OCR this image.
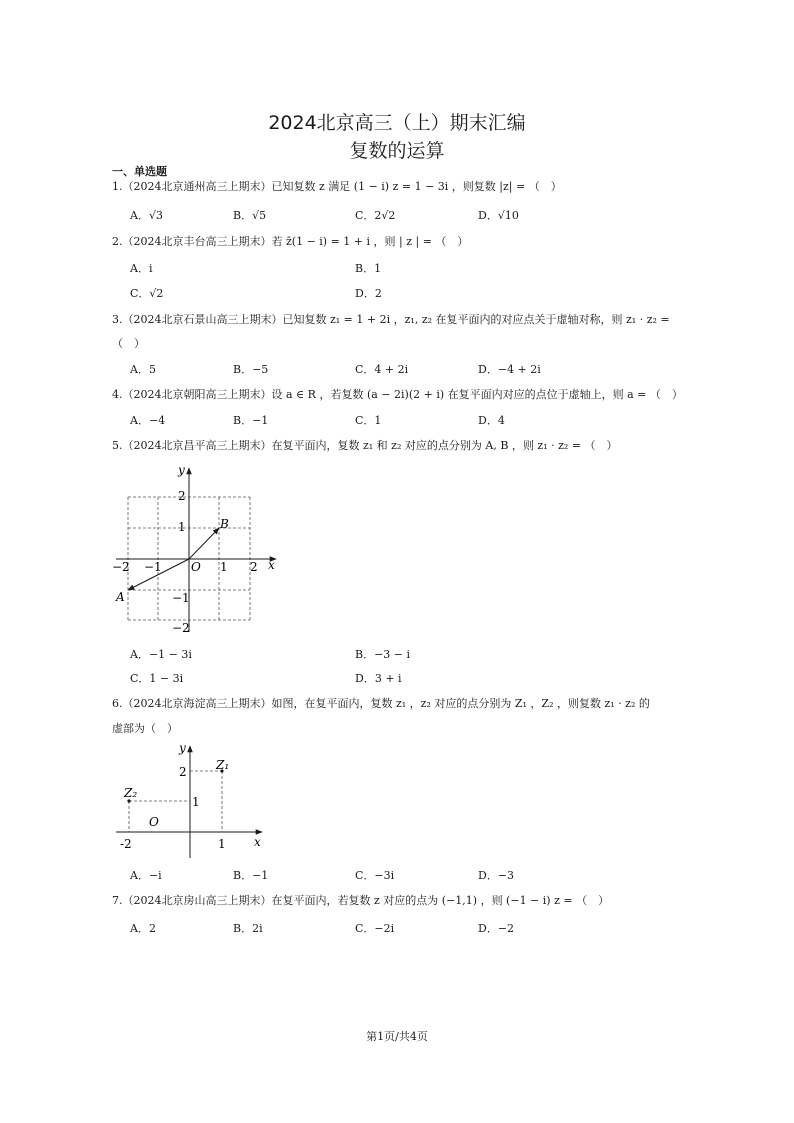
2024北京高三（上）期末汇编
复数的运算
一、单选题
1.（2024北京通州高三上期末）已知复数 z 满足 (1 − i) z = 1 − 3i ，则复数 |z| = （　）
A．√3	B．√5	C．2√2	D．√10
2.（2024北京丰台高三上期末）若 z̄(1 − i) = 1 + i ，则 | z | = （　）
A．i	B．1
C．√2	D．2
3.（2024北京石景山高三上期末）已知复数 z₁ = 1 + 2i ，z₁, z₂ 在复平面内的对应点关于虚轴对称，则 z₁ · z₂ =
（　）
A．5	B．−5	C．4 + 2i	D．−4 + 2i
4.（2024北京朝阳高三上期末）设 a ∈ R ，若复数 (a − 2i)(2 + i) 在复平面内对应的点位于虚轴上，则 a = （　）
A．−4	B．−1	C．1	D．4
5.（2024北京昌平高三上期末）在复平面内，复数 z₁ 和 z₂ 对应的点分别为 A, B ，则 z₁ · z₂ = （　）
y
x
O
2
1
−1
−2
−2 −1	1 2
B
A
A．−1 − 3i	B．−3 − i
C．1 − 3i	D．3 + i
6.（2024北京海淀高三上期末）如图，在复平面内，复数 z₁ ，z₂ 对应的点分别为 Z₁ ，Z₂ ，则复数 z₁ · z₂ 的
虚部为（　）
y
x
O
2
1
-2	1
Z₁
Z₂
A．−i	B．−1	C．−3i	D．−3
7.（2024北京房山高三上期末）在复平面内，若复数 z 对应的点为 (−1,1) ，则 (−1 − i) z = （　）
A．2	B．2i	C．−2i	D．−2
第1页/共4页
